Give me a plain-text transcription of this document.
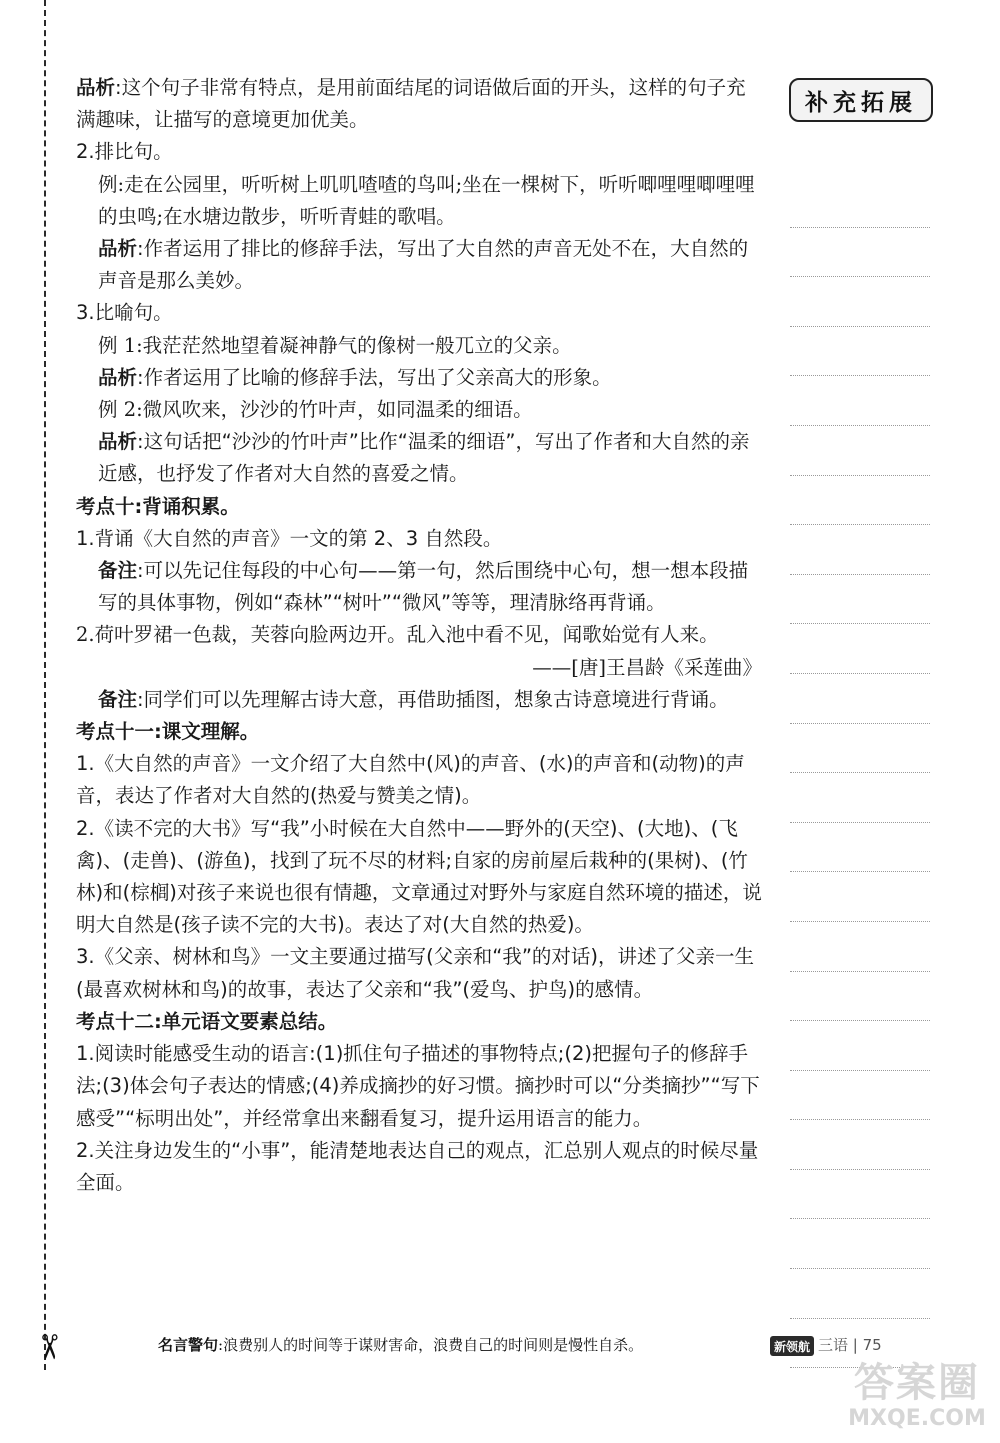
✂
补充拓展

品析:这个句子非常有特点，是用前面结尾的词语做后面的开头，这样的句子充满趣味，让描写的意境更加优美。

2.排比句。

例:走在公园里，听听树上叽叽喳喳的鸟叫;坐在一棵树下，听听唧哩哩唧哩哩的虫鸣;在水塘边散步，听听青蛙的歌唱。

品析:作者运用了排比的修辞手法，写出了大自然的声音无处不在，大自然的声音是那么美妙。

3.比喻句。

例 1:我茫茫然地望着凝神静气的像树一般兀立的父亲。

品析:作者运用了比喻的修辞手法，写出了父亲高大的形象。

例 2:微风吹来，沙沙的竹叶声，如同温柔的细语。

品析:这句话把“沙沙的竹叶声”比作“温柔的细语”，写出了作者和大自然的亲近感，也抒发了作者对大自然的喜爱之情。

考点十:背诵积累。

1.背诵《大自然的声音》一文的第 2、3 自然段。

备注:可以先记住每段的中心句——第一句，然后围绕中心句，想一想本段描写的具体事物，例如“森林”“树叶”“微风”等等，理清脉络再背诵。

2.荷叶罗裙一色裁，芙蓉向脸两边开。乱入池中看不见，闻歌始觉有人来。

——[唐]王昌龄《采莲曲》

备注:同学们可以先理解古诗大意，再借助插图，想象古诗意境进行背诵。

考点十一:课文理解。

1.《大自然的声音》一文介绍了大自然中(风)的声音、(水)的声音和(动物)的声音，表达了作者对大自然的(热爱与赞美之情)。

2.《读不完的大书》写“我”小时候在大自然中——野外的(天空)、(大地)、(飞禽)、(走兽)、(游鱼)，找到了玩不尽的材料;自家的房前屋后栽种的(果树)、(竹林)和(棕榈)对孩子来说也很有情趣，文章通过对野外与家庭自然环境的描述，说明大自然是(孩子读不完的大书)。表达了对(大自然的热爱)。

3.《父亲、树林和鸟》一文主要通过描写(父亲和“我”的对话)，讲述了父亲一生(最喜欢树林和鸟)的故事，表达了父亲和“我”(爱鸟、护鸟)的感情。

考点十二:单元语文要素总结。

1.阅读时能感受生动的语言:(1)抓住句子描述的事物特点;(2)把握句子的修辞手法;(3)体会句子表达的情感;(4)养成摘抄的好习惯。摘抄时可以“分类摘抄”“写下感受”“标明出处”，并经常拿出来翻看复习，提升运用语言的能力。

2.关注身边发生的“小事”，能清楚地表达自己的观点，汇总别人观点的时候尽量全面。

名言警句:浪费别人的时间等于谋财害命，浪费自己的时间则是慢性自杀。	新领航 三语 | 75
答案圈
MXQE.COM
